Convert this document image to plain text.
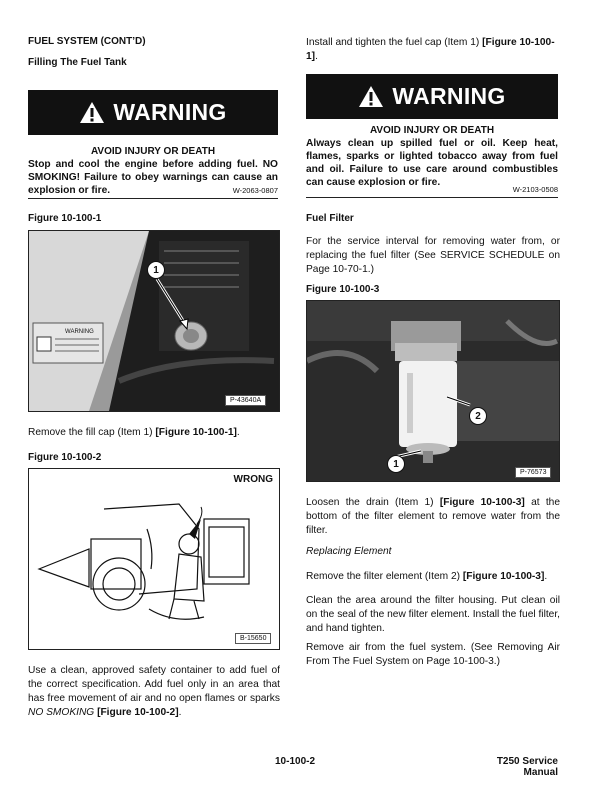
FUEL SYSTEM (CONT’D)
Filling The Fuel Tank
WARNING
AVOID INJURY OR DEATH
Stop and cool the engine before adding fuel. NO SMOKING! Failure to obey warnings can cause an explosion or fire.	W-2063-0807
Figure 10-100-1
WARNING
1
P-43640A
Remove the fill cap (Item 1) [Figure 10-100-1].
Figure 10-100-2
WRONG
B-15650
Use a clean, approved safety container to add fuel of the correct specification. Add fuel only in an area that has free movement of air and no open flames or sparks NO SMOKING [Figure 10-100-2].
Install and tighten the fuel cap (Item 1) [Figure 10-100-1].
WARNING
AVOID INJURY OR DEATH
Always clean up spilled fuel or oil. Keep heat, flames, sparks or lighted tobacco away from fuel and oil. Failure to use care around combustibles can cause explosion or fire.
W-2103-0508
Fuel Filter
For the service interval for removing water from, or replacing the fuel filter (See SERVICE SCHEDULE on Page 10-70-1.)
Figure 10-100-3
2
1
P-76573
Loosen the drain (Item 1) [Figure 10-100-3] at the bottom of the filter element to remove water from the filter.
Replacing Element
Remove the filter element (Item 2) [Figure 10-100-3].
Clean the area around the filter housing. Put clean oil on the seal of the new filter element. Install the fuel filter, and hand tighten.
Remove air from the fuel system. (See Removing Air From The Fuel System on Page 10-100-3.)
10-100-2	T250 Service Manual
